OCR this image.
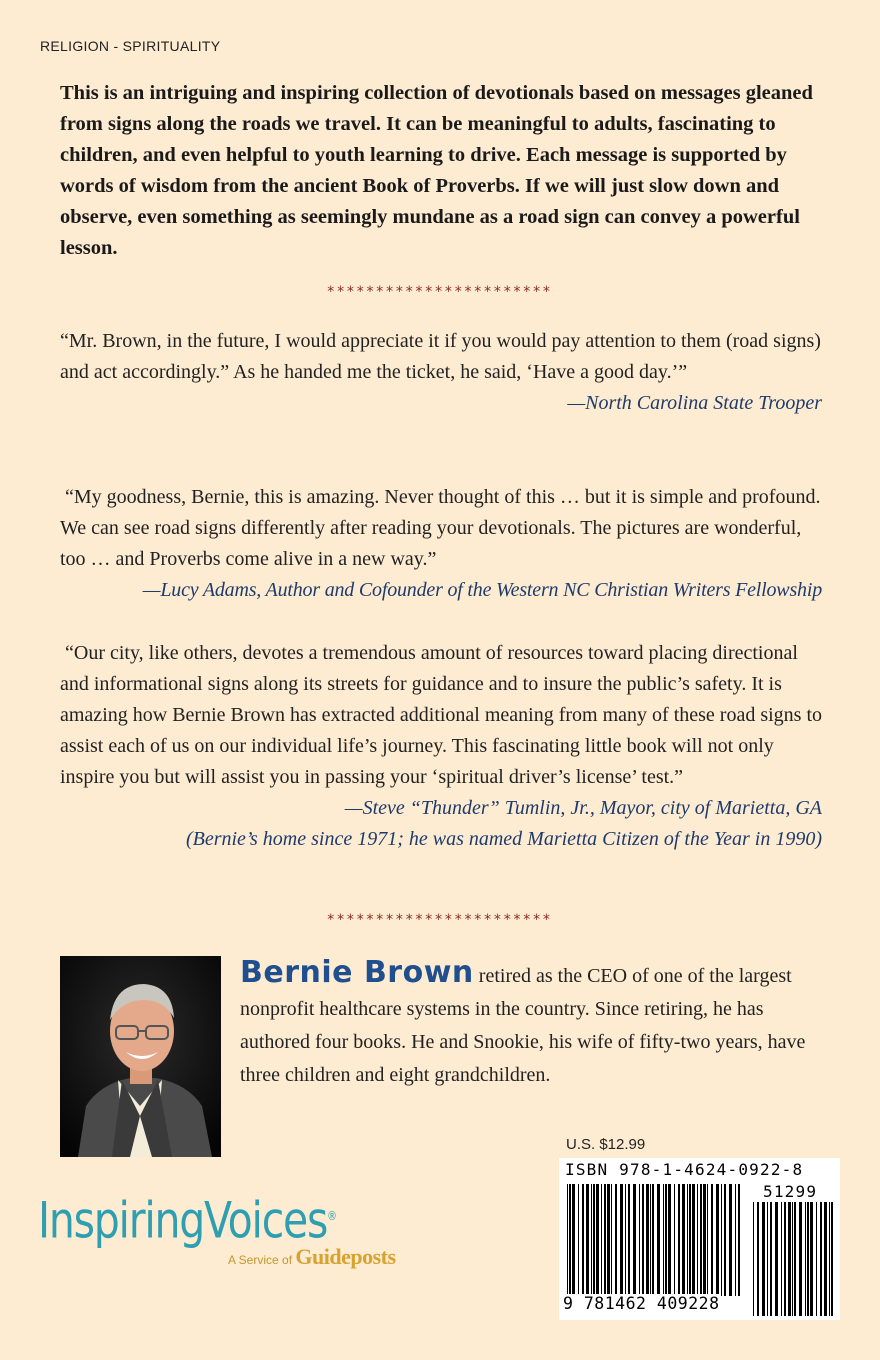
RELIGION - SPIRITUALITY
This is an intriguing and inspiring collection of devotionals based on messages gleaned from signs along the roads we travel. It can be meaningful to adults, fascinating to children, and even helpful to youth learning to drive. Each message is supported by words of wisdom from the ancient Book of Proverbs. If we will just slow down and observe, even something as seemingly mundane as a road sign can convey a powerful lesson.
***********************
“Mr. Brown, in the future, I would appreciate it if you would pay attention to them (road signs) and act accordingly.” As he handed me the ticket, he said, ‘Have a good day.’”
—North Carolina State Trooper
“My goodness, Bernie, this is amazing. Never thought of this … but it is simple and profound. We can see road signs differently after reading your devotionals. The pictures are wonderful, too … and Proverbs come alive in a new way.”
—Lucy Adams, Author and Cofounder of the Western NC Christian Writers Fellowship
“Our city, like others, devotes a tremendous amount of resources toward placing directional and informational signs along its streets for guidance and to insure the public’s safety. It is amazing how Bernie Brown has extracted additional meaning from many of these road signs to assist each of us on our individual life’s journey. This fascinating little book will not only inspire you but will assist you in passing your ‘spiritual driver’s license’ test.”
—Steve “Thunder” Tumlin, Jr., Mayor, city of Marietta, GA
(Bernie’s home since 1971; he was named Marietta Citizen of the Year in 1990)
***********************
Bernie Brown retired as the CEO of one of the largest nonprofit healthcare systems in the country. Since retiring, he has authored four books. He and Snookie, his wife of fifty-two years, have three children and eight grandchildren.
U.S. $12.99
ISBN 978-1-4624-0922-8
51299
9 781462 409228
InspiringVoices®
A Service of Guideposts
